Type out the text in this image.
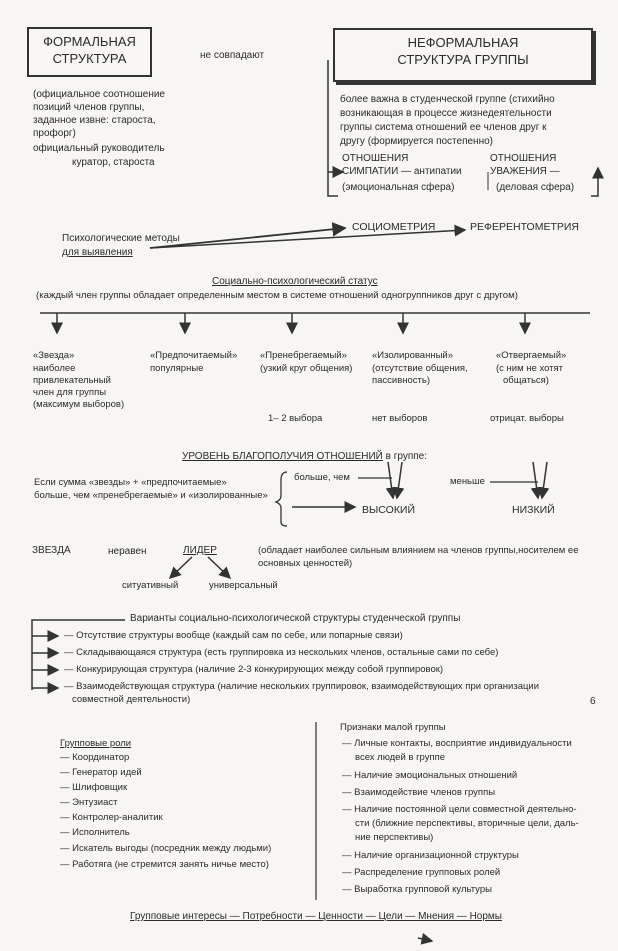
ФОРМАЛЬНАЯ
СТРУКТУРА
(официальное соотношение
позиций членов группы,
заданное извне: староста,
профорг)
официальный руководитель
куратор, староста
не совпадают
НЕФОРМАЛЬНАЯ
СТРУКТУРА ГРУППЫ
более важна в студенческой группе (стихийно
возникающая в процессе жизнедеятельности
группы система отношений ее членов друг к
другу (формируется постепенно)
ОТНОШЕНИЯ
СИМПАТИИ — антипатии
(эмоциональная сфера)
ОТНОШЕНИЯ
УВАЖЕНИЯ —
(деловая сфера)
Психологические методы
для выявления
СОЦИОМЕТРИЯ	РЕФЕРЕНТОМЕТРИЯ
Социально-психологический статус
(каждый член группы обладает определенным местом в системе отношений одногруппников друг с другом)
«Звезда»
наиболее
привлекательный
член для группы
(максимум выборов)
«Предпочитаемый»
популярные
«Пренебрегаемый»
(узкий круг общения)
1– 2 выбора
«Изолированный»
(отсутствие общения,
пассивность)
нет выборов
«Отвергаемый»
(с ним не хотят
общаться)
отрицат. выборы
УРОВЕНЬ БЛАГОПОЛУЧИЯ ОТНОШЕНИЙ в группе:
Если сумма «звезды» + «предпочитаемые»
больше, чем «пренебрегаемые» и «изолированные»
больше, чем	меньше
ВЫСОКИЙ	НИЗКИЙ
ЗВЕЗДА	неравен	ЛИДЕР	(обладает наиболее сильным влиянием на членов группы,носителем ее
основных ценностей)
ситуативный	универсальный
Варианты социально-психологической структуры студенческой группы
— Отсутствие структуры вообще (каждый сам по себе, или попарные связи)
— Складывающаяся структура (есть группировка из нескольких членов, остальные сами по себе)
— Конкурирующая структура (наличие 2-3 конкурирующих между собой группировок)
— Взаимодействующая структура (наличие нескольких группировок, взаимодействующих при организации
совместной деятельности)	6
Групповые роли
— Координатор
— Генератор идей
— Шлифовщик
— Энтузиаст
— Контролер-аналитик
— Исполнитель
— Искатель выгоды (посредник между людьми)
— Работяга (не стремится занять ничье место)
Признаки малой группы
— Личные контакты, восприятие индивидуальности
всех людей в группе
— Наличие эмоциональных отношений
— Взаимодействие членов группы
— Наличие постоянной цели совместной деятельно-
сти (ближние перспективы, вторичные цели, даль-
ние перспективы)
— Наличие организационной структуры
— Распределение групповых ролей
— Выработка групповой культуры
Групповые интересы — Потребности — Ценности — Цели — Мнения — Нормы
